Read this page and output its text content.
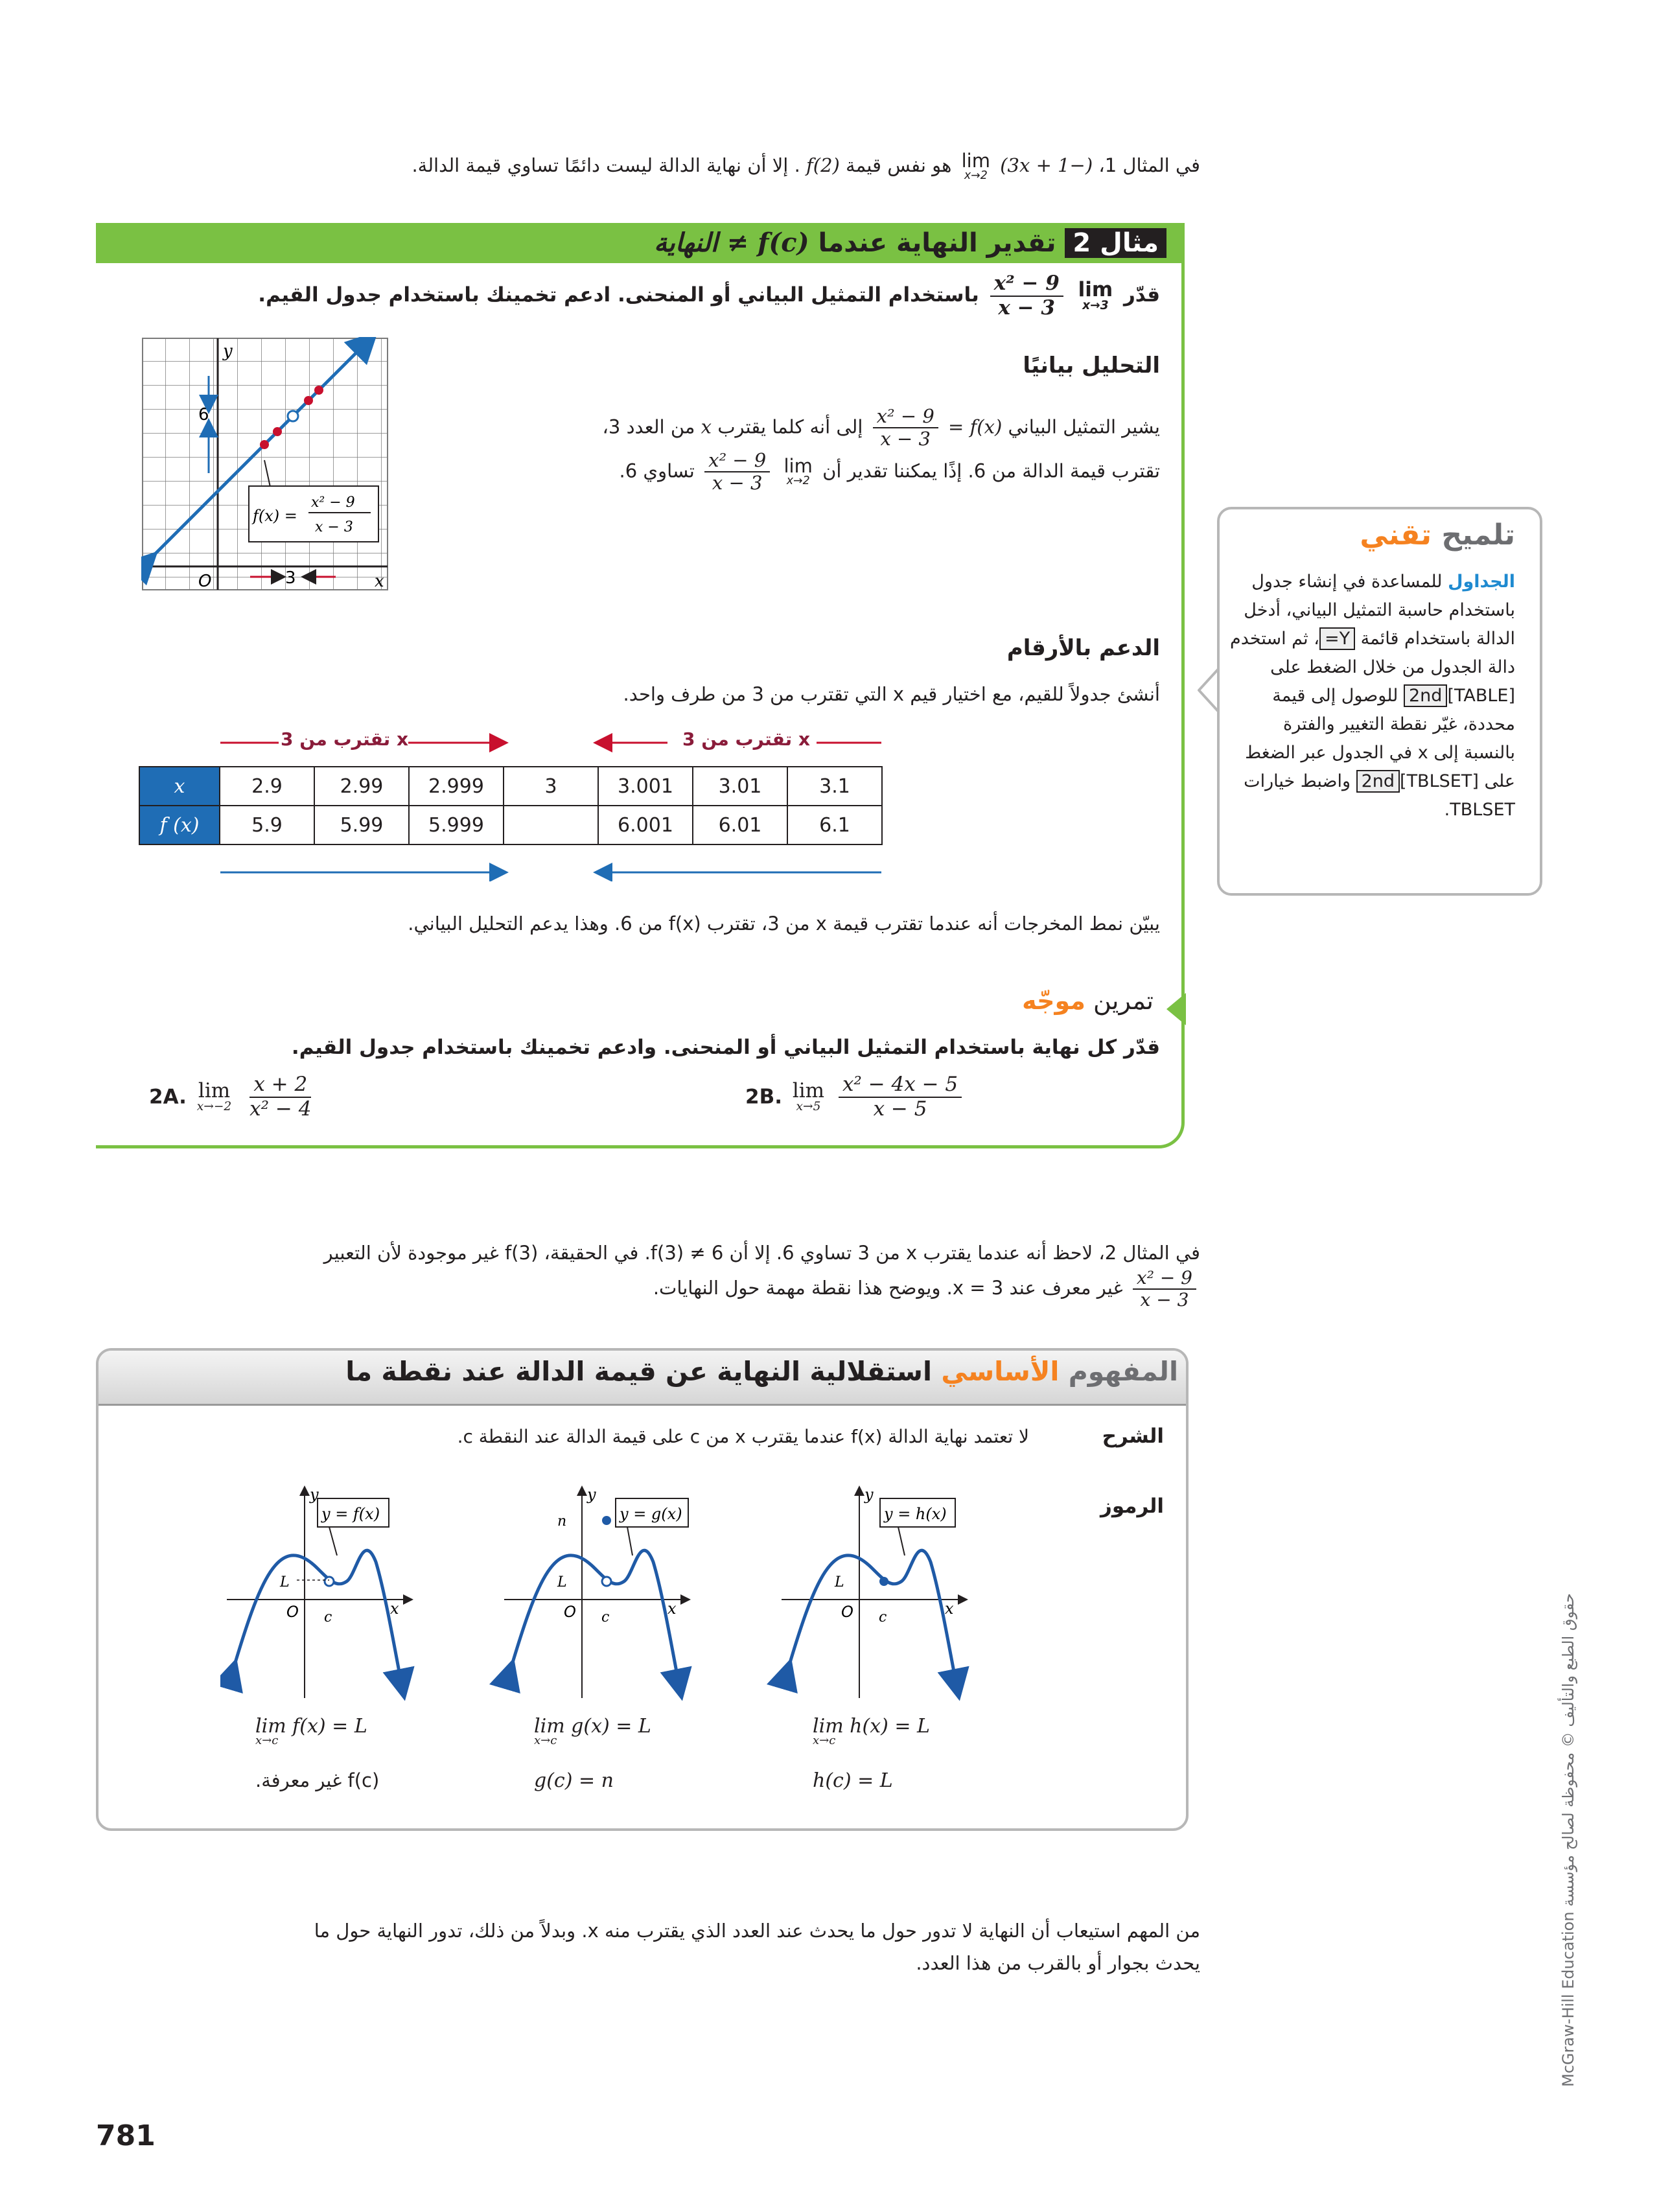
في المثال 1، (−3x + 1)
lim
x→2
هو نفس قيمة f(2) . إلا أن نهاية الدالة ليست دائمًا تساوي قيمة الدالة.
مثال 2 تقدير النهاية عندما f(c) ≠ النهاية
قدّر
lim
x→3

$\frac{\text{x² − 9}}{x - 3}$
باستخدام التمثيل البياني أو المنحنى. ادعم تخمينك باستخدام جدول القيم.
y
x
O
6
3
f(x) =
x² − 9
x − 3
التحليل بيانيًا
يشير التمثيل البياني f(x) =
$\frac{\text{x² − 9}}{x - 3}$
إلى أنه كلما يقترب x من العدد 3،
تقترب قيمة الدالة من 6. إذًا يمكننا تقدير أن
lim
x→2

$\frac{\text{x² − 9}}{x - 3}$
تساوي 6.
الدعم بالأرقام
أنشئ جدولاً للقيم، مع اختيار قيم x التي تقترب من 3 من طرف واحد.
x تقترب من 3	x تقترب من 3
x	2.9	2.99	2.999	3	3.001	3.01	3.1
f (x)	5.9	5.99	5.999		6.001	6.01	6.1
يبيّن نمط المخرجات أنه عندما تقترب قيمة x من 3، تقترب f(x) من 6. وهذا يدعم التحليل البياني.
تمرين موجّه
قدّر كل نهاية باستخدام التمثيل البياني أو المنحنى. وادعم تخمينك باستخدام جدول القيم.
2A. lim
x→−2
$\frac{x + 2}{\text{x² − 4}}$	2B. lim
x→5
$\frac{\text{x² − 4x − 5}}{x - 5}$
تلميح تقني
الجداول للمساعدة في إنشاء جدول باستخدام حاسبة التمثيل البياني، أدخل الدالة باستخدام قائمة Y=، ثم استخدم دالة الجدول من خلال الضغط على 2nd [TABLE] للوصول إلى قيمة محددة، غيّر نقطة التغيير والفترة بالنسبة إلى x في الجدول عبر الضغط على 2nd [TBLSET] واضبط خيارات TBLSET.
في المثال 2، لاحظ أنه عندما يقترب x من 3 تساوي 6. إلا أن 6 ≠ (3)f. في الحقيقة، f(3) غير موجودة لأن التعبير
$\frac{\text{x² − 9}}{x - 3}$
غير معرف عند x = 3. ويوضح هذا نقطة مهمة حول النهايات.
المفهوم الأساسي استقلالية النهاية عن قيمة الدالة عند نقطة ما
الشرح
لا تعتمد نهاية الدالة f(x) عندما يقترب x من c على قيمة الدالة عند النقطة c.
الرموز
y = f(x)
L
c
O
y
x
y = g(x)
n
L
c
O
y
x
y = h(x)
L
c
O
y
x
lim f(x) = L
x→c
f(c) غير معرفة.
lim g(x) = L
x→c
g(c) = n
lim h(x) = L
x→c
h(c) = L
من المهم استيعاب أن النهاية لا تدور حول ما يحدث عند العدد الذي يقترب منه x. وبدلاً من ذلك، تدور النهاية حول ما
يحدث بجوار أو بالقرب من هذا العدد.	حقوق الطبع والتأليف © محفوظة لصالح مؤسسة McGraw-Hill Education
781
